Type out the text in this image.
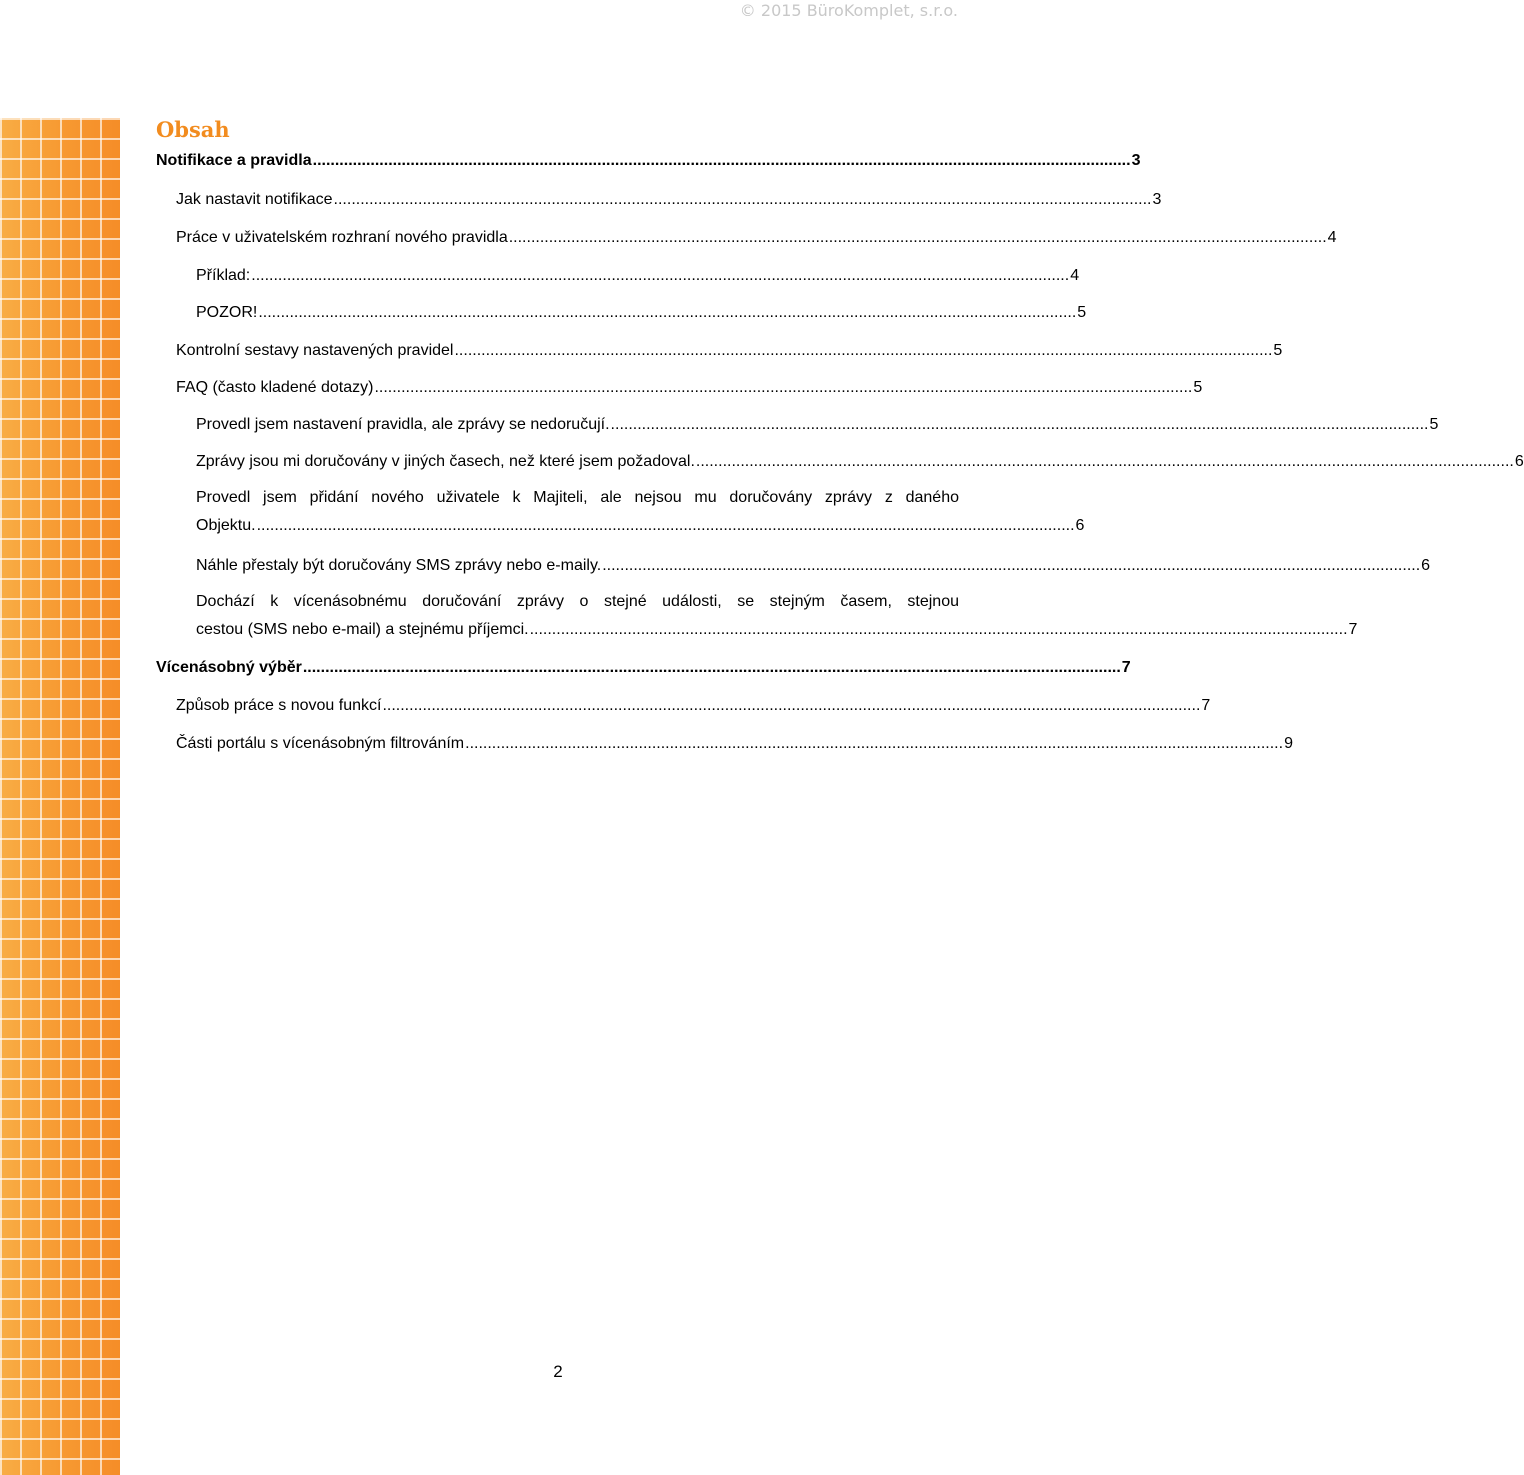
© 2015 BüroKomplet, s.r.o.
Obsah
Notifikace a pravidla ........................................................................................................................................................................................ 3
Jak nastavit notifikace ........................................................................................................................................................................................ 3
Práce v uživatelském rozhraní nového pravidla ........................................................................................................................................................................................ 4
Příklad: ........................................................................................................................................................................................ 4
POZOR! ........................................................................................................................................................................................ 5
Kontrolní sestavy nastavených pravidel ........................................................................................................................................................................................ 5
FAQ (často kladené dotazy) ........................................................................................................................................................................................ 5
Provedl jsem nastavení pravidla, ale zprávy se nedoručují. ........................................................................................................................................................................................ 5
Zprávy jsou mi doručovány v jiných časech, než které jsem požadoval. ........................................................................................................................................................................................ 6
Provedl jsem přidání nového uživatele k Majiteli, ale nejsou mu doručovány zprávy z daného
Objektu. ........................................................................................................................................................................................ 6
Náhle přestaly být doručovány SMS zprávy nebo e-maily. ........................................................................................................................................................................................ 6
Dochází k vícenásobnému doručování zprávy o stejné události, se stejným časem, stejnou
cestou (SMS nebo e-mail) a stejnému příjemci. ........................................................................................................................................................................................ 7
Vícenásobný výběr ........................................................................................................................................................................................ 7
Způsob práce s novou funkcí ........................................................................................................................................................................................ 7
Části portálu s vícenásobným filtrováním ........................................................................................................................................................................................ 9
2
